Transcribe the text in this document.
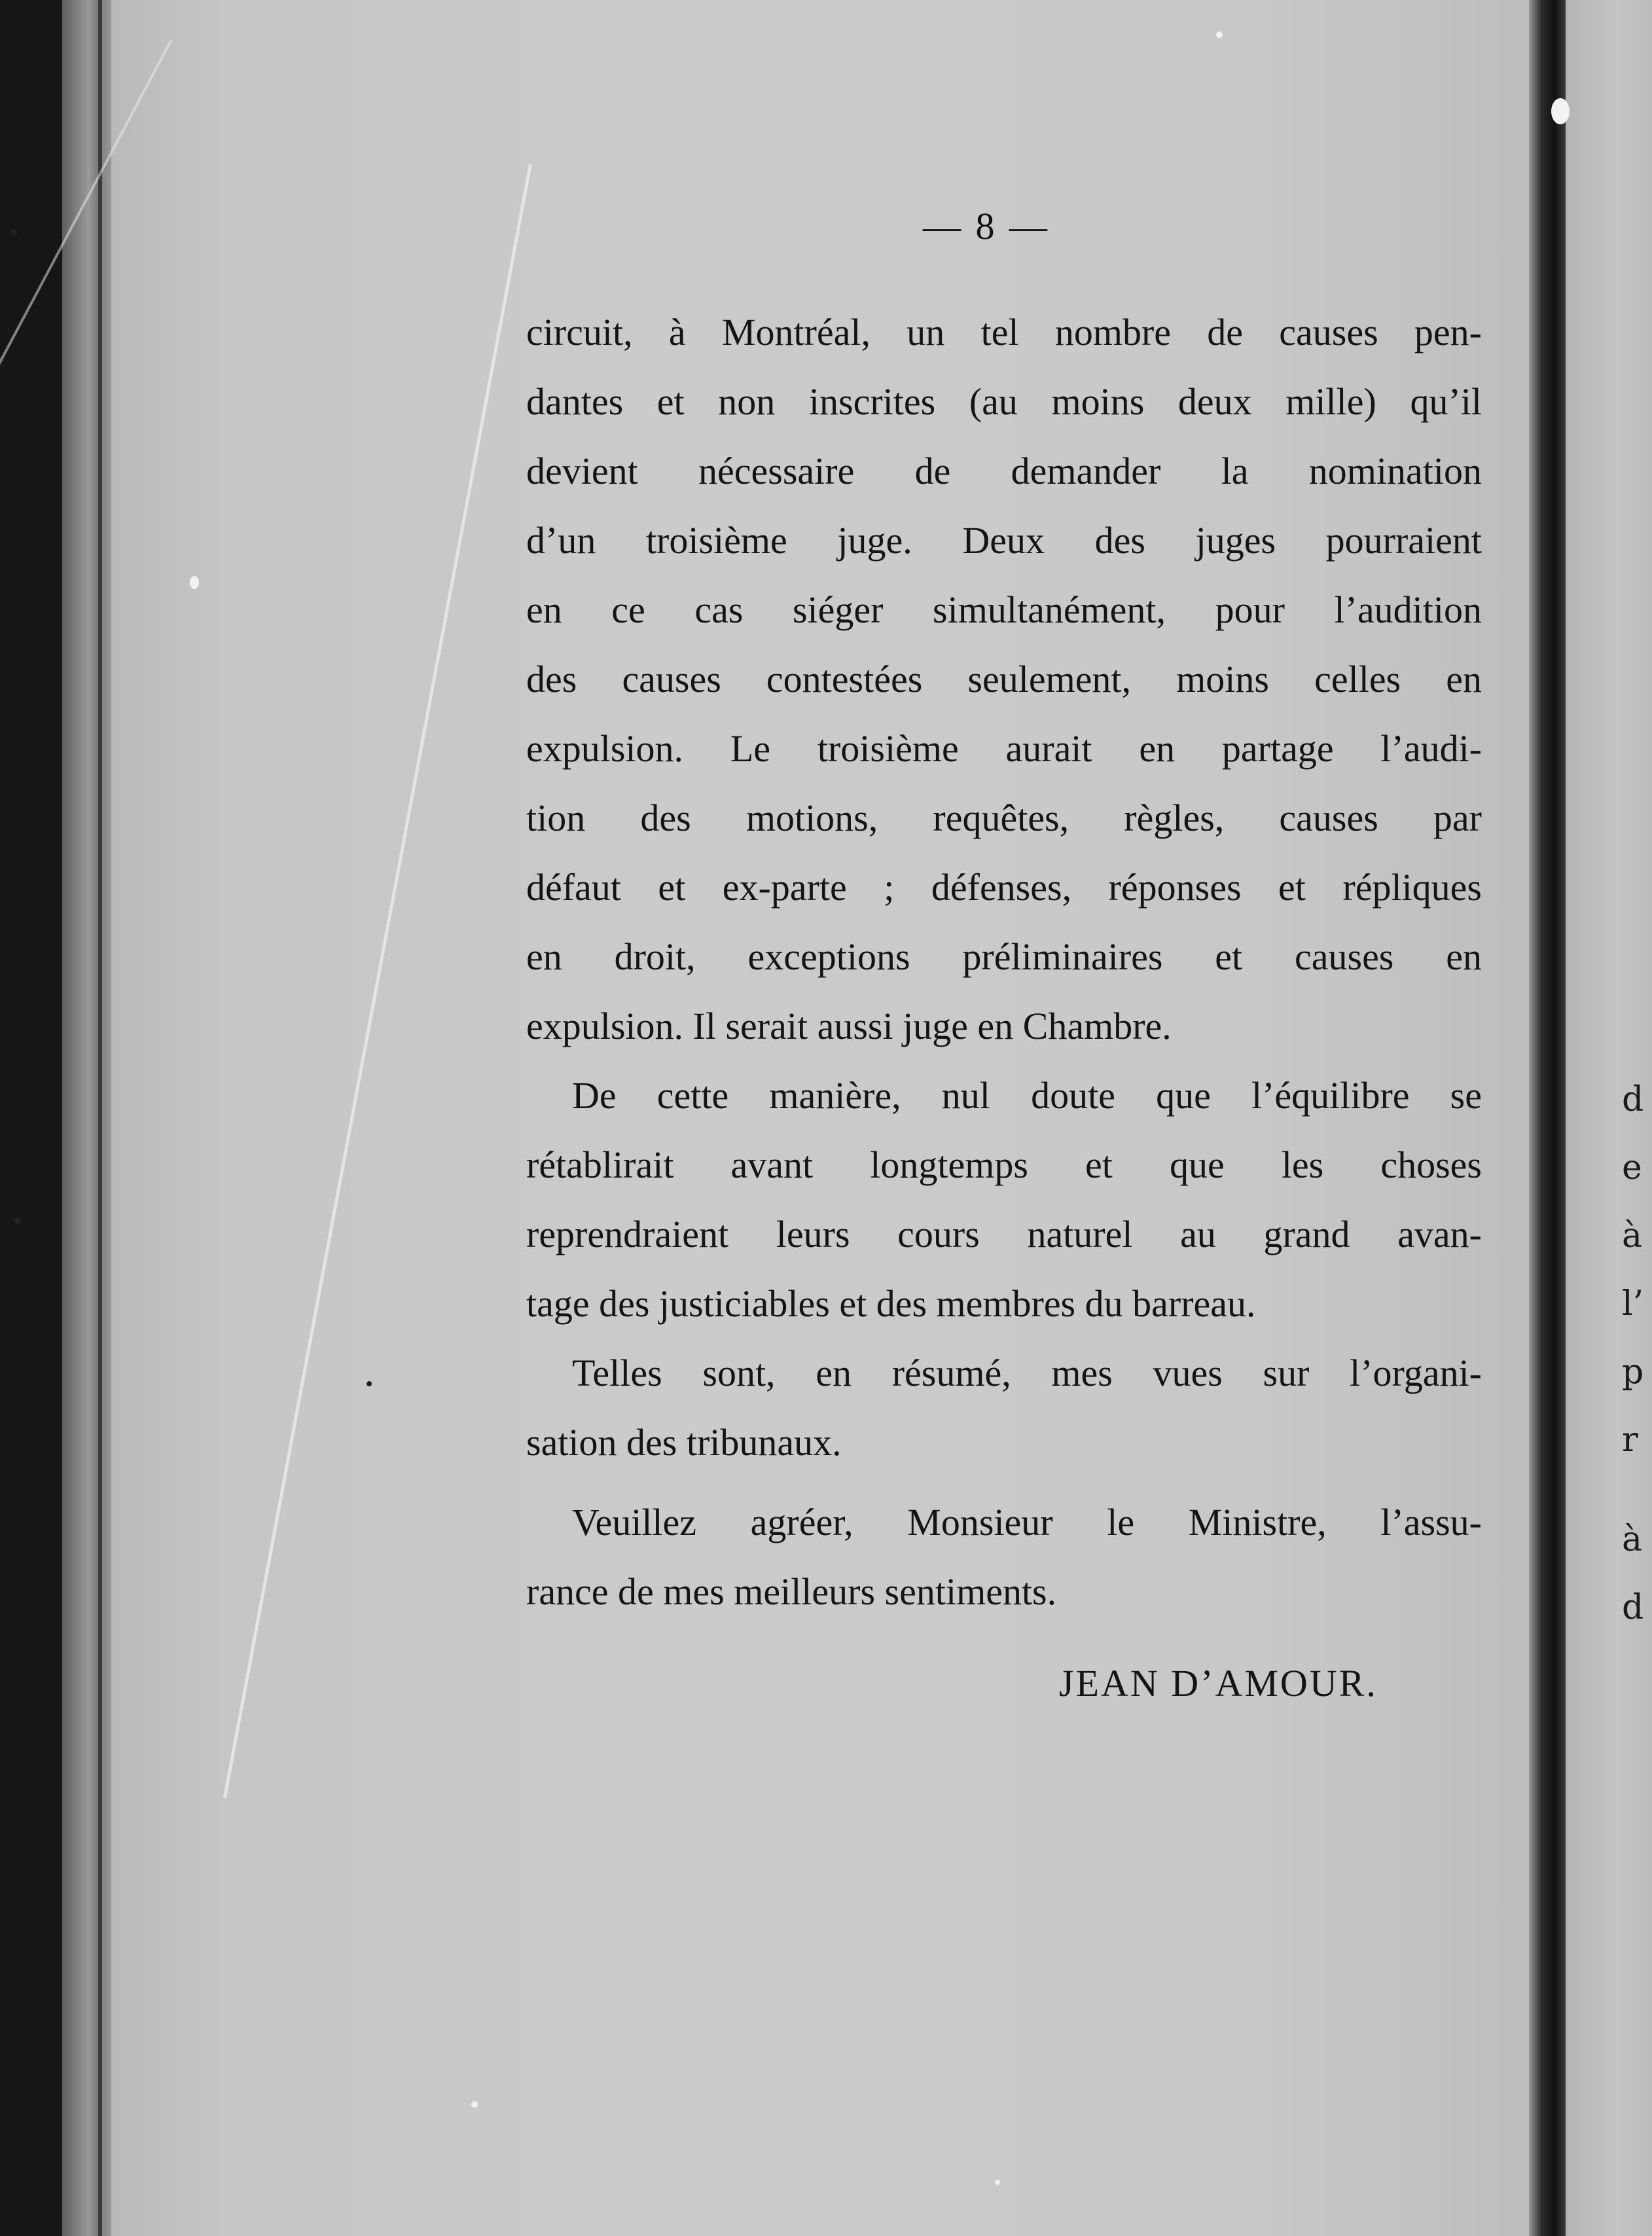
d
e
à
l’
p
r
à
d
— 8 —
circuit, à Montréal, un tel nombre de causes pen-
dantes et non inscrites (au moins deux mille) qu’il
devient nécessaire de demander la nomination
d’un troisième juge. Deux des juges pourraient
en ce cas siéger simultanément, pour l’audition
des causes contestées seulement, moins celles en
expulsion. Le troisième aurait en partage l’audi-
tion des motions, requêtes, règles, causes par
défaut et ex-parte ; défenses, réponses et répliques
en droit, exceptions préliminaires et causes en
expulsion. Il serait aussi juge en Chambre.
De cette manière, nul doute que l’équilibre se
rétablirait avant longtemps et que les choses
reprendraient leurs cours naturel au grand avan-
tage des justiciables et des membres du barreau.
Telles sont, en résumé, mes vues sur l’organi-
sation des tribunaux.
Veuillez agréer, Monsieur le Ministre, l’assu-
rance de mes meilleurs sentiments.
JEAN D’AMOUR.
